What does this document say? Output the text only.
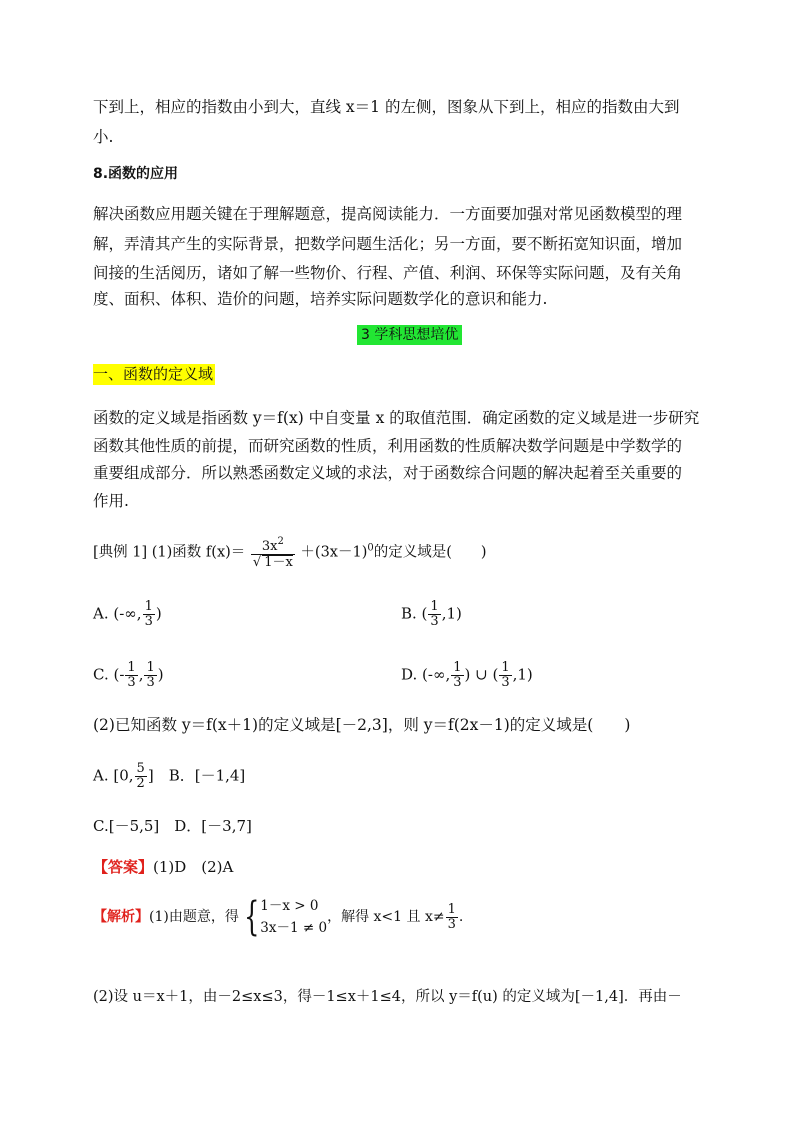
下到上，相应的指数由小到大，直线 x＝1 的左侧，图象从下到上，相应的指数由大到
小.
8.函数的应用
解决函数应用题关键在于理解题意，提高阅读能力．一方面要加强对常见函数模型的理
解，弄清其产生的实际背景，把数学问题生活化；另一方面，要不断拓宽知识面，增加
间接的生活阅历，诸如了解一些物价、行程、产值、利润、环保等实际问题，及有关角
度、面积、体积、造价的问题，培养实际问题数学化的意识和能力.
3 学科思想培优
一、函数的定义域
函数的定义域是指函数 y＝f(x) 中自变量 x 的取值范围．确定函数的定义域是进一步研究
函数其他性质的前提，而研究函数的性质，利用函数的性质解决数学问题是中学数学的
重要组成部分．所以熟悉函数定义域的求法，对于函数综合问题的解决起着至关重要的
作用.
[典例 1] (1)函数 $f(x)= \frac{3x^2}{√ 1-x} +(3x-1)^0$的定义域是(　　)
A. (-∞, $\frac{1}{3}$ )	B. ( $\frac{1}{3} ,1$)
C. (- $\frac{1}{3}$ , $\frac{1}{3}$ )	D. (-∞, $\frac{1}{3}$ ) ∪ ( $\frac{1}{3} ,1$)
(2)已知函数 y＝f(x＋1)的定义域是[－2,3]，则 y＝f(2x－1)的定义域是(　　)
A. [0, $\frac{5}{2}$ ]　 B．[－1,4]
C.[－5,5]　D．[－3,7]
【答案】(1)D　(2)A
【解析】(1)由题意，得 { 1－x > 0
3x－1 ≠ 0
，解得 x<1 且 $x\ne \frac{1}{3}$ .
(2)设 u＝x＋1，由－2≤x≤3，得－1≤x＋1≤4，所以 y＝f(u) 的定义域为[－1,4]．再由－
